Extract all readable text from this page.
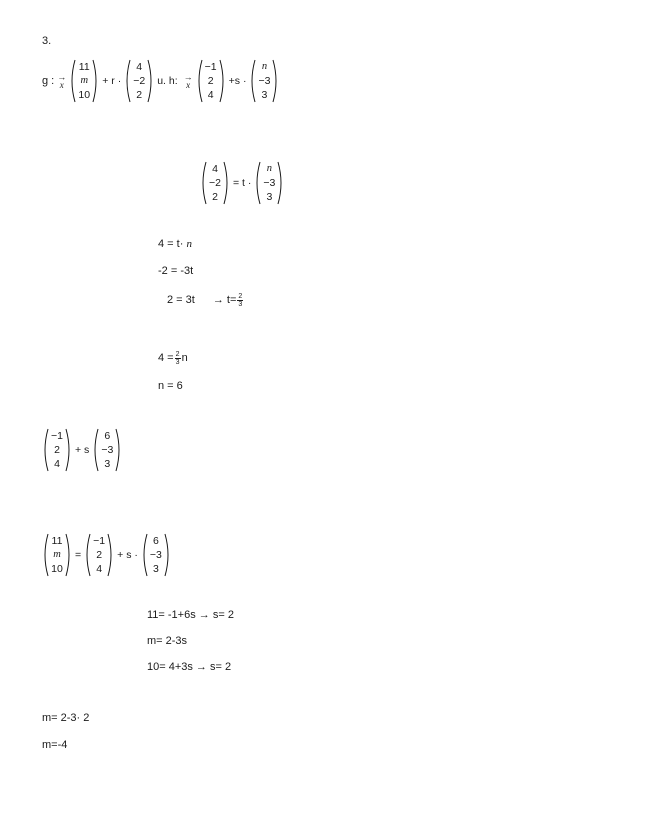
3.
g : →
x
11
m
10
+ r ·
4
−2
2
u. h: →
x
−1
2
4
+s ·
n
−3
3
4
−2
2
= t ·
n
−3
3
4 = t· n
-2 = -3t
$2 = 3t \to t= \frac{2}{3}$
$4 = \frac{2}{3}$ n
n = 6
−1
2
4
+ s
6
−3
3
11
m
10
=
−1
2
4
+ s ·
6
−3
3
11= -1+6s → s= 2
m= 2-3s
10= 4+3s → s= 2
m= 2-3· 2
m=-4
